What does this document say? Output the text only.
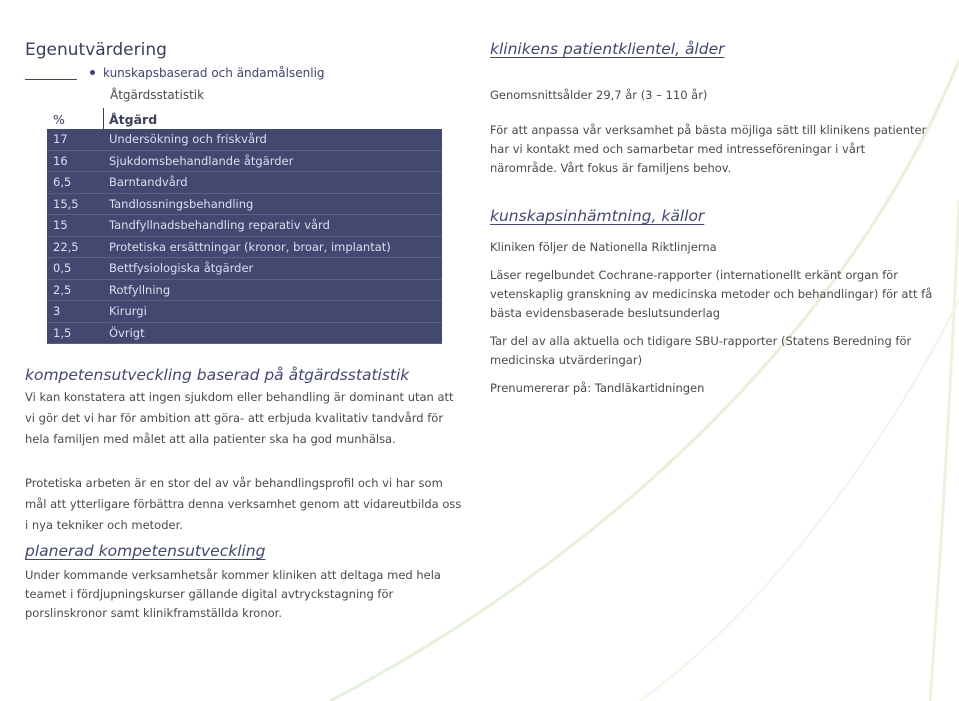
Egenutvärdering
kunskapsbaserad och ändamålsenlig
Åtgärdsstatistik
%	Åtgärd
17	Undersökning och friskvård
16	Sjukdomsbehandlande åtgärder
6,5	Barntandvård
15,5	Tandlossningsbehandling
15	Tandfyllnadsbehandling reparativ vård
22,5	Protetiska ersättningar (kronor, broar, implantat)
0,5	Bettfysiologiska åtgärder
2,5	Rotfyllning
3	Kirurgi
1,5	Övrigt
kompetensutveckling baserad på åtgärdsstatistik
Vi kan konstatera att ingen sjukdom eller behandling är dominant utan att vi gör det vi har för ambition att göra- att erbjuda kvalitativ tandvård för hela familjen med målet att alla patienter ska ha god munhälsa.
Protetiska arbeten är en stor del av vår behandlingsprofil och vi har som mål att ytterligare förbättra denna verksamhet genom att vidareutbilda oss i nya tekniker och metoder.
planerad kompetensutveckling
Under kommande verksamhetsår kommer kliniken att deltaga med hela teamet i fördjupningskurser gällande digital avtryckstagning för porslinskronor samt klinikframställda kronor.
klinikens patientklientel, ålder
Genomsnittsålder 29,7 år (3 – 110 år)
För att anpassa vår verksamhet på bästa möjliga sätt till klinikens patienter har vi kontakt med och samarbetar med intresseföreningar i vårt närområde. Vårt fokus är familjens behov.
kunskapsinhämtning, källor
Kliniken följer de Nationella Riktlinjerna
Läser regelbundet Cochrane-rapporter (internationellt erkänt organ för vetenskaplig granskning av medicinska metoder och behandlingar) för att få bästa evidensbaserade beslutsunderlag
Tar del av alla aktuella och tidigare SBU-rapporter (Statens Beredning för medicinska utvärderingar)
Prenumererar på: Tandläkartidningen
